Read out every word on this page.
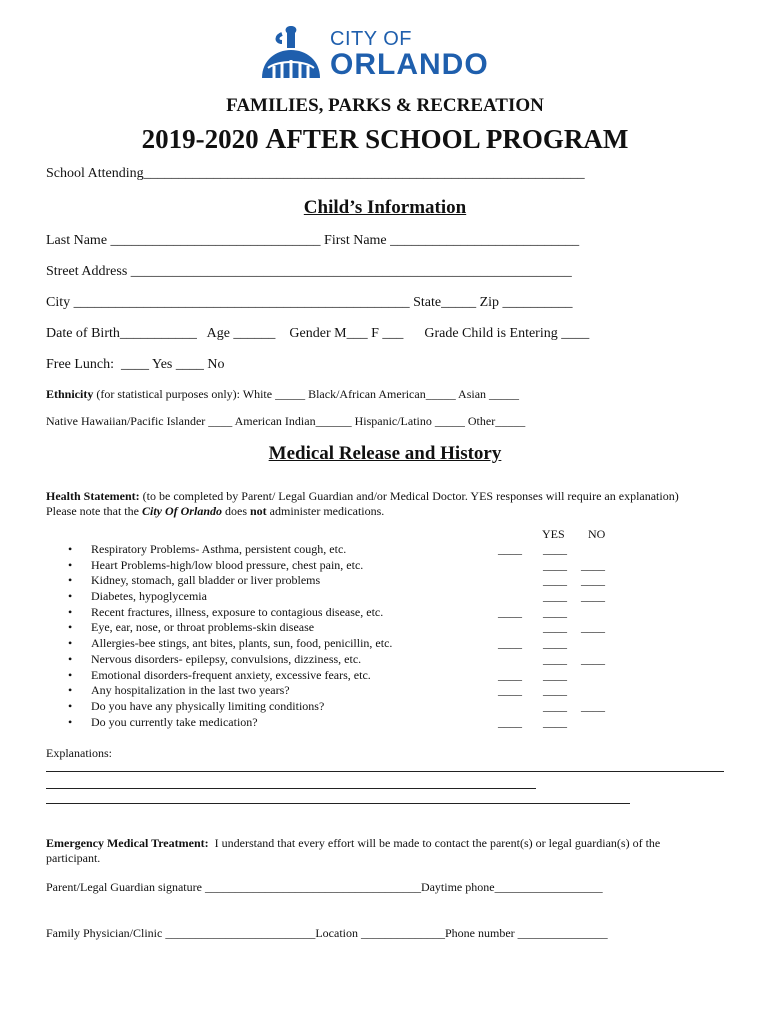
CITY OF
ORLANDO
FAMILIES, PARKS & RECREATION
2019-2020 AFTER SCHOOL PROGRAM
School Attending_______________________________________________________________
Child’s Information
Last Name ______________________________ First Name ___________________________
Street Address _______________________________________________________________
City ________________________________________________ State_____ Zip __________
Date of Birth___________   Age ______    Gender M___ F ___      Grade Child is Entering ____
Free Lunch:  ____ Yes ____ No
Ethnicity (for statistical purposes only): White _____ Black/African American_____ Asian _____
Native Hawaiian/Pacific Islander ____ American Indian______ Hispanic/Latino _____ Other_____
Medical Release and History
Health Statement: (to be completed by Parent/ Legal Guardian and/or Medical Doctor. YES responses will require an explanation)
Please note that the City Of Orlando does not administer medications.
YES NO
• Respiratory Problems- Asthma, persistent cough, etc.	____ ____
• Heart Problems-high/low blood pressure, chest pain, etc.	____ ____
• Kidney, stomach, gall bladder or liver problems	____ ____
• Diabetes, hypoglycemia	____ ____
• Recent fractures, illness, exposure to contagious disease, etc.	____ ____
• Eye, ear, nose, or throat problems-skin disease	____ ____
• Allergies-bee stings, ant bites, plants, sun, food, penicillin, etc.	____ ____
• Nervous disorders- epilepsy, convulsions, dizziness, etc.	____ ____
• Emotional disorders-frequent anxiety, excessive fears, etc.	____ ____
• Any hospitalization in the last two years?	____ ____
• Do you have any physically limiting conditions?	____ ____
• Do you currently take medication?	____ ____
Explanations:
Emergency Medical Treatment:  I understand that every effort will be made to contact the parent(s) or legal guardian(s) of the
participant.
Parent/Legal Guardian signature ____________________________________Daytime phone__________________
Family Physician/Clinic _________________________Location ______________Phone number _______________
